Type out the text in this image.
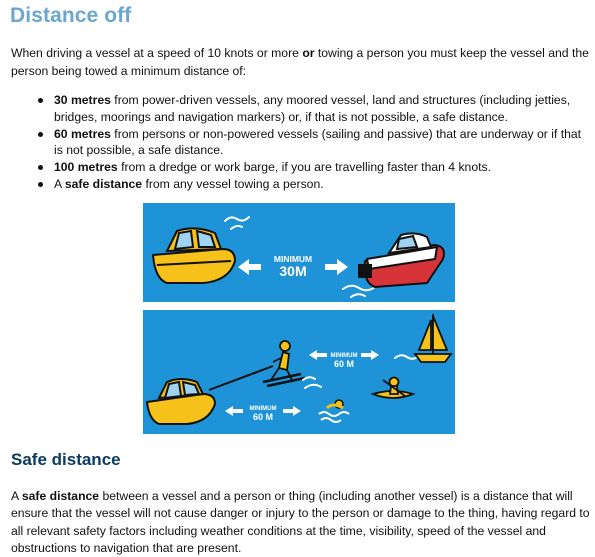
Distance off

When driving a vessel at a speed of 10 knots or more or towing a person you must keep the vessel and the person being towed a minimum distance of:

30 metres from power-driven vessels, any moored vessel, land and structures (including jetties, bridges, moorings and navigation markers) or, if that is not possible, a safe distance.
60 metres from persons or non-powered vessels (sailing and passive) that are underway or if that is not possible, a safe distance.
100 metres from a dredge or work barge, if you are travelling faster than 4 knots.
A safe distance from any vessel towing a person.
MINIMUM
30M
MINIMUM
60 M
MINIMUM
60 M
Safe distance

A safe distance between a vessel and a person or thing (including another vessel) is a distance that will ensure that the vessel will not cause danger or injury to the person or damage to the thing, having regard to all relevant safety factors including weather conditions at the time, visibility, speed of the vessel and obstructions to navigation that are present.
